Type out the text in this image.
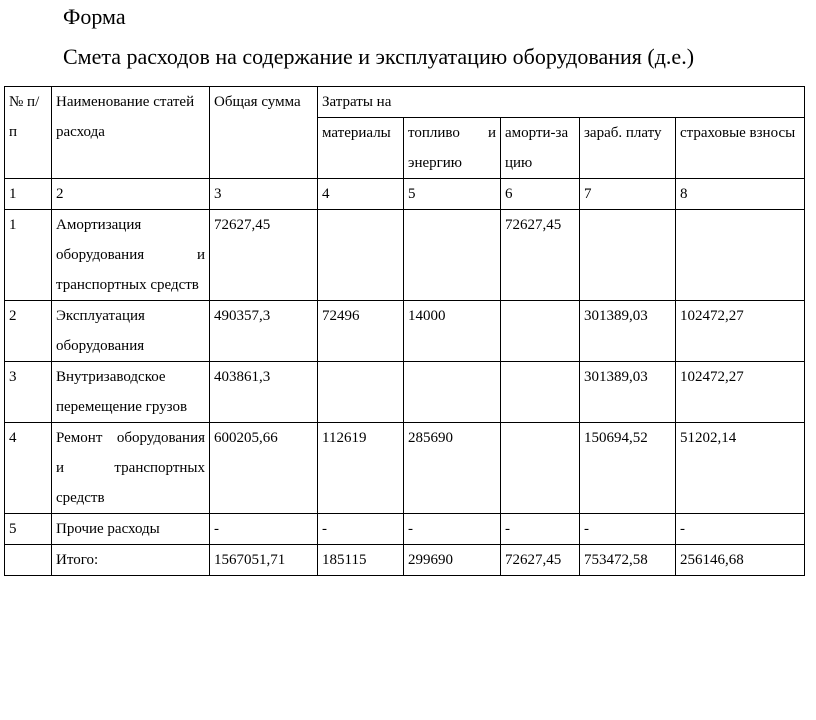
Форма
Смета расходов на содержание и эксплуатацию оборудования (д.е.)
№ п/п	Наименование статей расхода	Общая сумма	Затраты на				
			материалы	топливо и энергию	аморти-зацию	зараб. плату	страховые взносы
1	2	3	4	5	6	7	8
1	Амортизация оборудования и транспортных средств	72627,45			72627,45		
2	Эксплуатация оборудования	490357,3	72496	14000		301389,03	102472,27
3	Внутризаводское перемещение грузов	403861,3				301389,03	102472,27
4	Ремонт оборудования и транспортных средств	600205,66	112619	285690		150694,52	51202,14
5	Прочие расходы	-	-	-	-	-	-
	Итого:	1567051,71	185115	299690	72627,45	753472,58	256146,68
